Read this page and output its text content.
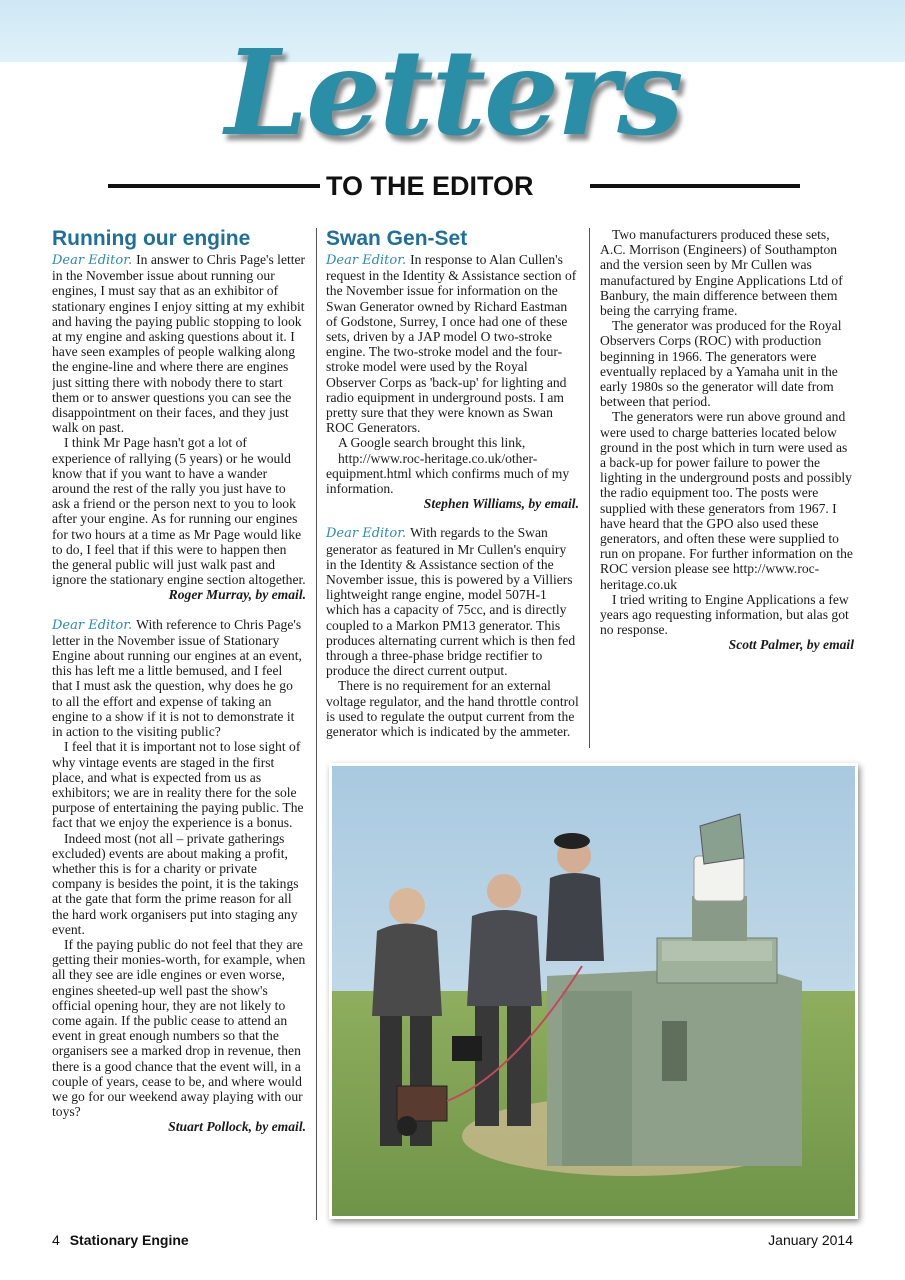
Letters
TO THE EDITOR
Running our engine

Dear Editor. In answer to Chris Page's letter in the November issue about running our engines, I must say that as an exhibitor of stationary engines I enjoy sitting at my exhibit and having the paying public stopping to look at my engine and asking questions about it. I have seen examples of people walking along the engine-line and where there are engines just sitting there with nobody there to start them or to answer questions you can see the disappointment on their faces, and they just walk on past.

I think Mr Page hasn't got a lot of experience of rallying (5 years) or he would know that if you want to have a wander around the rest of the rally you just have to ask a friend or the person next to you to look after your engine. As for running our engines for two hours at a time as Mr Page would like to do, I feel that if this were to happen then the general public will just walk past and ignore the stationary engine section altogether.

Roger Murray, by email.

Dear Editor. With reference to Chris Page's letter in the November issue of Stationary Engine about running our engines at an event, this has left me a little bemused, and I feel that I must ask the question, why does he go to all the effort and expense of taking an engine to a show if it is not to demonstrate it in action to the visiting public?

I feel that it is important not to lose sight of why vintage events are staged in the first place, and what is expected from us as exhibitors; we are in reality there for the sole purpose of entertaining the paying public. The fact that we enjoy the experience is a bonus.

Indeed most (not all – private gatherings excluded) events are about making a profit, whether this is for a charity or private company is besides the point, it is the takings at the gate that form the prime reason for all the hard work organisers put into staging any event.

If the paying public do not feel that they are getting their monies-worth, for example, when all they see are idle engines or even worse, engines sheeted-up well past the show's official opening hour, they are not likely to come again. If the public cease to attend an event in great enough numbers so that the organisers see a marked drop in revenue, then there is a good chance that the event will, in a couple of years, cease to be, and where would we go for our weekend away playing with our toys?

Stuart Pollock, by email.

Swan Gen-Set

Dear Editor. In response to Alan Cullen's request in the Identity & Assistance section of the November issue for information on the Swan Generator owned by Richard Eastman of Godstone, Surrey, I once had one of these sets, driven by a JAP model O two-stroke engine. The two-stroke model and the four-stroke model were used by the Royal Observer Corps as 'back-up' for lighting and radio equipment in underground posts. I am pretty sure that they were known as Swan ROC Generators.

A Google search brought this link,

http://www.roc-heritage.co.uk/other-equipment.html which confirms much of my information.

Stephen Williams, by email.

Dear Editor. With regards to the Swan generator as featured in Mr Cullen's enquiry in the Identity & Assistance section of the November issue, this is powered by a Villiers lightweight range engine, model 507H-1 which has a capacity of 75cc, and is directly coupled to a Markon PM13 generator. This produces alternating current which is then fed through a three-phase bridge rectifier to produce the direct current output.

There is no requirement for an external voltage regulator, and the hand throttle control is used to regulate the output current from the generator which is indicated by the ammeter.

Two manufacturers produced these sets, A.C. Morrison (Engineers) of Southampton and the version seen by Mr Cullen was manufactured by Engine Applications Ltd of Banbury, the main difference between them being the carrying frame.

The generator was produced for the Royal Observers Corps (ROC) with production beginning in 1966. The generators were eventually replaced by a Yamaha unit in the early 1980s so the generator will date from between that period.

The generators were run above ground and were used to charge batteries located below ground in the post which in turn were used as a back-up for power failure to power the lighting in the underground posts and possibly the radio equipment too. The posts were supplied with these generators from 1967. I have heard that the GPO also used these generators, and often these were supplied to run on propane. For further information on the ROC version please see http://www.roc-heritage.co.uk

I tried writing to Engine Applications a few years ago requesting information, but alas got no response.

Scott Palmer, by email

4 Stationary Engine	January 2014
